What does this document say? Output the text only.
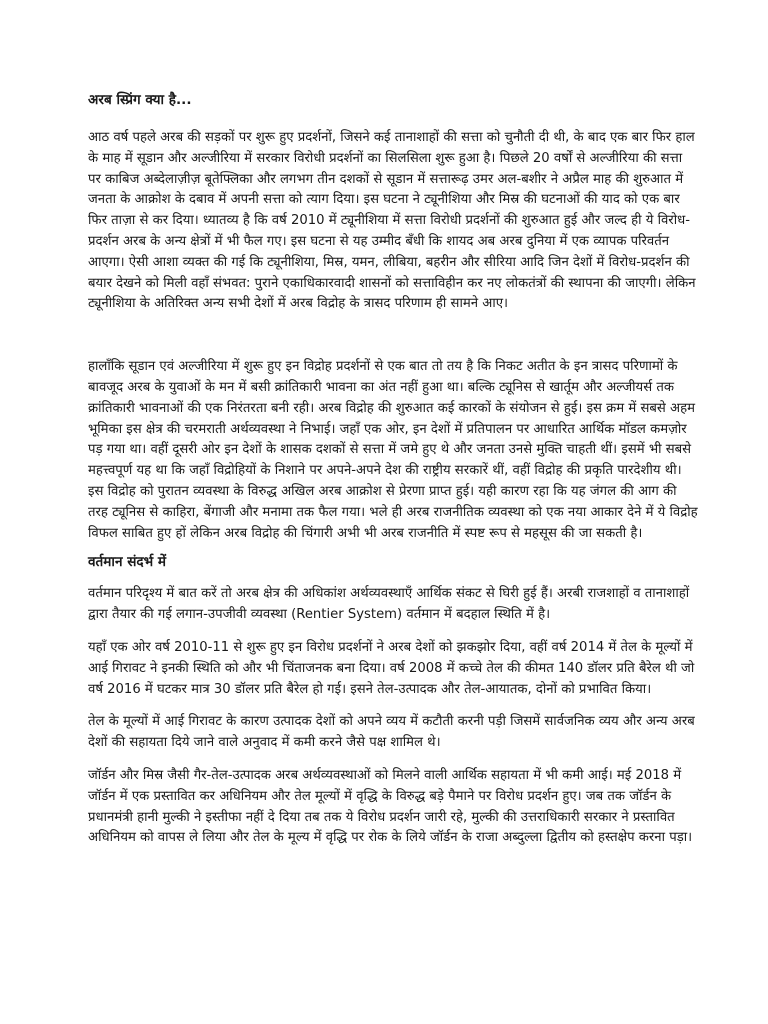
अरब स्प्रिंग क्या है...

आठ वर्ष पहले अरब की सड़कों पर शुरू हुए प्रदर्शनों, जिसने कई तानाशाहों की सत्ता को चुनौती दी थी, के बाद एक बार फिर हाल के माह में सूडान और अल्जीरिया में सरकार विरोधी प्रदर्शनों का सिलसिला शुरू हुआ है। पिछले 20 वर्षों से अल्जीरिया की सत्ता पर काबिज अब्देलाज़ीज़ बूतेफ्लिका और लगभग तीन दशकों से सूडान में सत्तारूढ़ उमर अल-बशीर ने अप्रैल माह की शुरुआत में जनता के आक्रोश के दबाव में अपनी सत्ता को त्याग दिया। इस घटना ने ट्यूनीशिया और मिस्र की घटनाओं की याद को एक बार फिर ताज़ा से कर दिया। ध्यातव्य है कि वर्ष 2010 में ट्यूनीशिया में सत्ता विरोधी प्रदर्शनों की शुरुआत हुई और जल्द ही ये विरोध-प्रदर्शन अरब के अन्य क्षेत्रों में भी फैल गए। इस घटना से यह उम्मीद बँधी कि शायद अब अरब दुनिया में एक व्यापक परिवर्तन आएगा। ऐसी आशा व्यक्त की गई कि ट्यूनीशिया, मिस्र, यमन, लीबिया, बहरीन और सीरिया आदि जिन देशों में विरोध-प्रदर्शन की बयार देखने को मिली वहाँ संभवत: पुराने एकाधिकारवादी शासनों को सत्ताविहीन कर नए लोकतंत्रों की स्थापना की जाएगी। लेकिन ट्यूनीशिया के अतिरिक्त अन्य सभी देशों में अरब विद्रोह के त्रासद परिणाम ही सामने आए।

हालाँकि सूडान एवं अल्जीरिया में शुरू हुए इन विद्रोह प्रदर्शनों से एक बात तो तय है कि निकट अतीत के इन त्रासद परिणामों के बावजूद अरब के युवाओं के मन में बसी क्रांतिकारी भावना का अंत नहीं हुआ था। बल्कि ट्यूनिस से खार्तूम और अल्जीयर्स तक क्रांतिकारी भावनाओं की एक निरंतरता बनी रही। अरब विद्रोह की शुरुआत कई कारकों के संयोजन से हुई। इस क्रम में सबसे अहम भूमिका इस क्षेत्र की चरमराती अर्थव्यवस्था ने निभाई। जहाँ एक ओर, इन देशों में प्रतिपालन पर आधारित आर्थिक मॉडल कमज़ोर पड़ गया था। वहीं दूसरी ओर इन देशों के शासक दशकों से सत्ता में जमे हुए थे और जनता उनसे मुक्ति चाहती थीं। इसमें भी सबसे महत्त्वपूर्ण यह था कि जहाँ विद्रोहियों के निशाने पर अपने-अपने देश की राष्ट्रीय सरकारें थीं, वहीं विद्रोह की प्रकृति पारदेशीय थी। इस विद्रोह को पुरातन व्यवस्था के विरुद्ध अखिल अरब आक्रोश से प्रेरणा प्राप्त हुई। यही कारण रहा कि यह जंगल की आग की तरह ट्यूनिस से काहिरा, बेंगाजी और मनामा तक फैल गया। भले ही अरब राजनीतिक व्यवस्था को एक नया आकार देने में ये विद्रोह विफल साबित हुए हों लेकिन अरब विद्रोह की चिंगारी अभी भी अरब राजनीति में स्पष्ट रूप से महसूस की जा सकती है।

वर्तमान संदर्भ में

वर्तमान परिदृश्य में बात करें तो अरब क्षेत्र की अधिकांश अर्थव्यवस्थाएँ आर्थिक संकट से घिरी हुई हैं। अरबी राजशाहों व तानाशाहों द्वारा तैयार की गई लगान-उपजीवी व्यवस्था (Rentier System) वर्तमान में बदहाल स्थिति में है।

यहाँ एक ओर वर्ष 2010-11 से शुरू हुए इन विरोध प्रदर्शनों ने अरब देशों को झकझोर दिया, वहीं वर्ष 2014 में तेल के मूल्यों में आई गिरावट ने इनकी स्थिति को और भी चिंताजनक बना दिया। वर्ष 2008 में कच्चे तेल की कीमत 140 डॉलर प्रति बैरेल थी जो वर्ष 2016 में घटकर मात्र 30 डॉलर प्रति बैरेल हो गई। इसने तेल-उत्पादक और तेल-आयातक, दोनों को प्रभावित किया।

तेल के मूल्यों में आई गिरावट के कारण उत्पादक देशों को अपने व्यय में कटौती करनी पड़ी जिसमें सार्वजनिक व्यय और अन्य अरब देशों की सहायता दिये जाने वाले अनुवाद में कमी करने जैसे पक्ष शामिल थे।

जॉर्डन और मिस्र जैसी गैर-तेल-उत्पादक अरब अर्थव्यवस्थाओं को मिलने वाली आर्थिक सहायता में भी कमी आई। मई 2018 में जॉर्डन में एक प्रस्तावित कर अधिनियम और तेल मूल्यों में वृद्धि के विरुद्ध बड़े पैमाने पर विरोध प्रदर्शन हुए। जब तक जॉर्डन के प्रधानमंत्री हानी मुल्की ने इस्तीफा नहीं दे दिया तब तक ये विरोध प्रदर्शन जारी रहे, मुल्की की उत्तराधिकारी सरकार ने प्रस्तावित अधिनियम को वापस ले लिया और तेल के मूल्य में वृद्धि पर रोक के लिये जॉर्डन के राजा अब्दुल्ला द्वितीय को हस्तक्षेप करना पड़ा।
